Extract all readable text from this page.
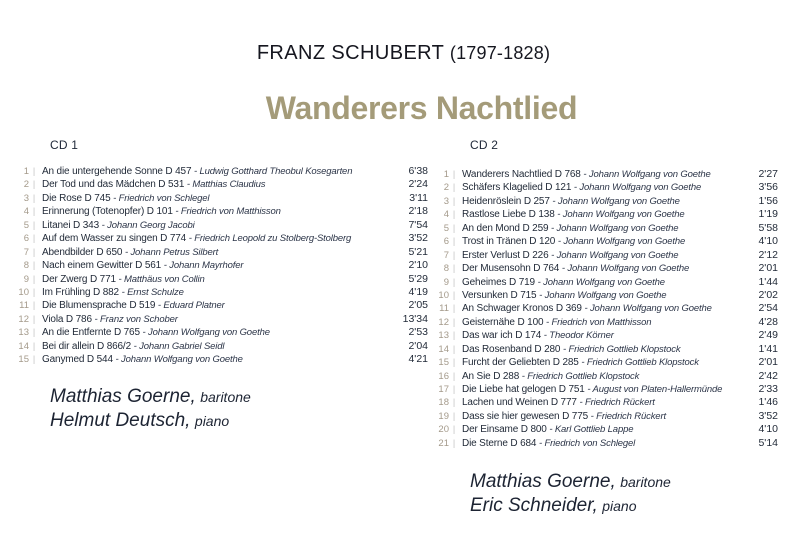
FRANZ SCHUBERT (1797-1828)

Wanderers Nachtlied
CD 1
1 | An die untergehende Sonne D 457 - Ludwig Gotthard Theobul Kosegarten	6'38
2 | Der Tod und das Mädchen D 531 - Matthias Claudius	2'24
3 | Die Rose D 745 - Friedrich von Schlegel	3'11
4 | Erinnerung (Totenopfer) D 101 - Friedrich von Matthisson	2'18
5 | Litanei D 343 - Johann Georg Jacobi	7'54
6 | Auf dem Wasser zu singen D 774 - Friedrich Leopold zu Stolberg-Stolberg	3'52
7 | Abendbilder D 650 - Johann Petrus Silbert	5'21
8 | Nach einem Gewitter D 561 - Johann Mayrhofer	2'10
9 | Der Zwerg D 771 - Matthäus von Collin	5'29
10 | Im Frühling D 882 - Ernst Schulze	4'19
11 | Die Blumensprache D 519 - Eduard Platner	2'05
12 | Viola D 786 - Franz von Schober	13'34
13 | An die Entfernte D 765 - Johann Wolfgang von Goethe	2'53
14 | Bei dir allein D 866/2 - Johann Gabriel Seidl	2'04
15 | Ganymed D 544 - Johann Wolfgang von Goethe	4'21
CD 2
1 | Wanderers Nachtlied D 768 - Johann Wolfgang von Goethe	2'27
2 | Schäfers Klagelied D 121 - Johann Wolfgang von Goethe	3'56
3 | Heidenröslein D 257 - Johann Wolfgang von Goethe	1'56
4 | Rastlose Liebe D 138 - Johann Wolfgang von Goethe	1'19
5 | An den Mond D 259 - Johann Wolfgang von Goethe	5'58
6 | Trost in Tränen D 120 - Johann Wolfgang von Goethe	4'10
7 | Erster Verlust D 226 - Johann Wolfgang von Goethe	2'12
8 | Der Musensohn D 764 - Johann Wolfgang von Goethe	2'01
9 | Geheimes D 719 - Johann Wolfgang von Goethe	1'44
10 | Versunken D 715 - Johann Wolfgang von Goethe	2'02
11 | An Schwager Kronos D 369 - Johann Wolfgang von Goethe	2'54
12 | Geisternähe D 100 - Friedrich von Matthisson	4'28
13 | Das war ich D 174 - Theodor Körner	2'49
14 | Das Rosenband D 280 - Friedrich Gottlieb Klopstock	1'41
15 | Furcht der Geliebten D 285 - Friedrich Gottlieb Klopstock	2'01
16 | An Sie D 288 - Friedrich Gottlieb Klopstock	2'42
17 | Die Liebe hat gelogen D 751 - August von Platen-Hallermünde	2'33
18 | Lachen und Weinen D 777 - Friedrich Rückert	1'46
19 | Dass sie hier gewesen D 775 - Friedrich Rückert	3'52
20 | Der Einsame D 800 - Karl Gottlieb Lappe	4'10
21 | Die Sterne D 684 - Friedrich von Schlegel	5'14
Matthias Goerne, baritone
Helmut Deutsch, piano
Matthias Goerne, baritone
Eric Schneider, piano
